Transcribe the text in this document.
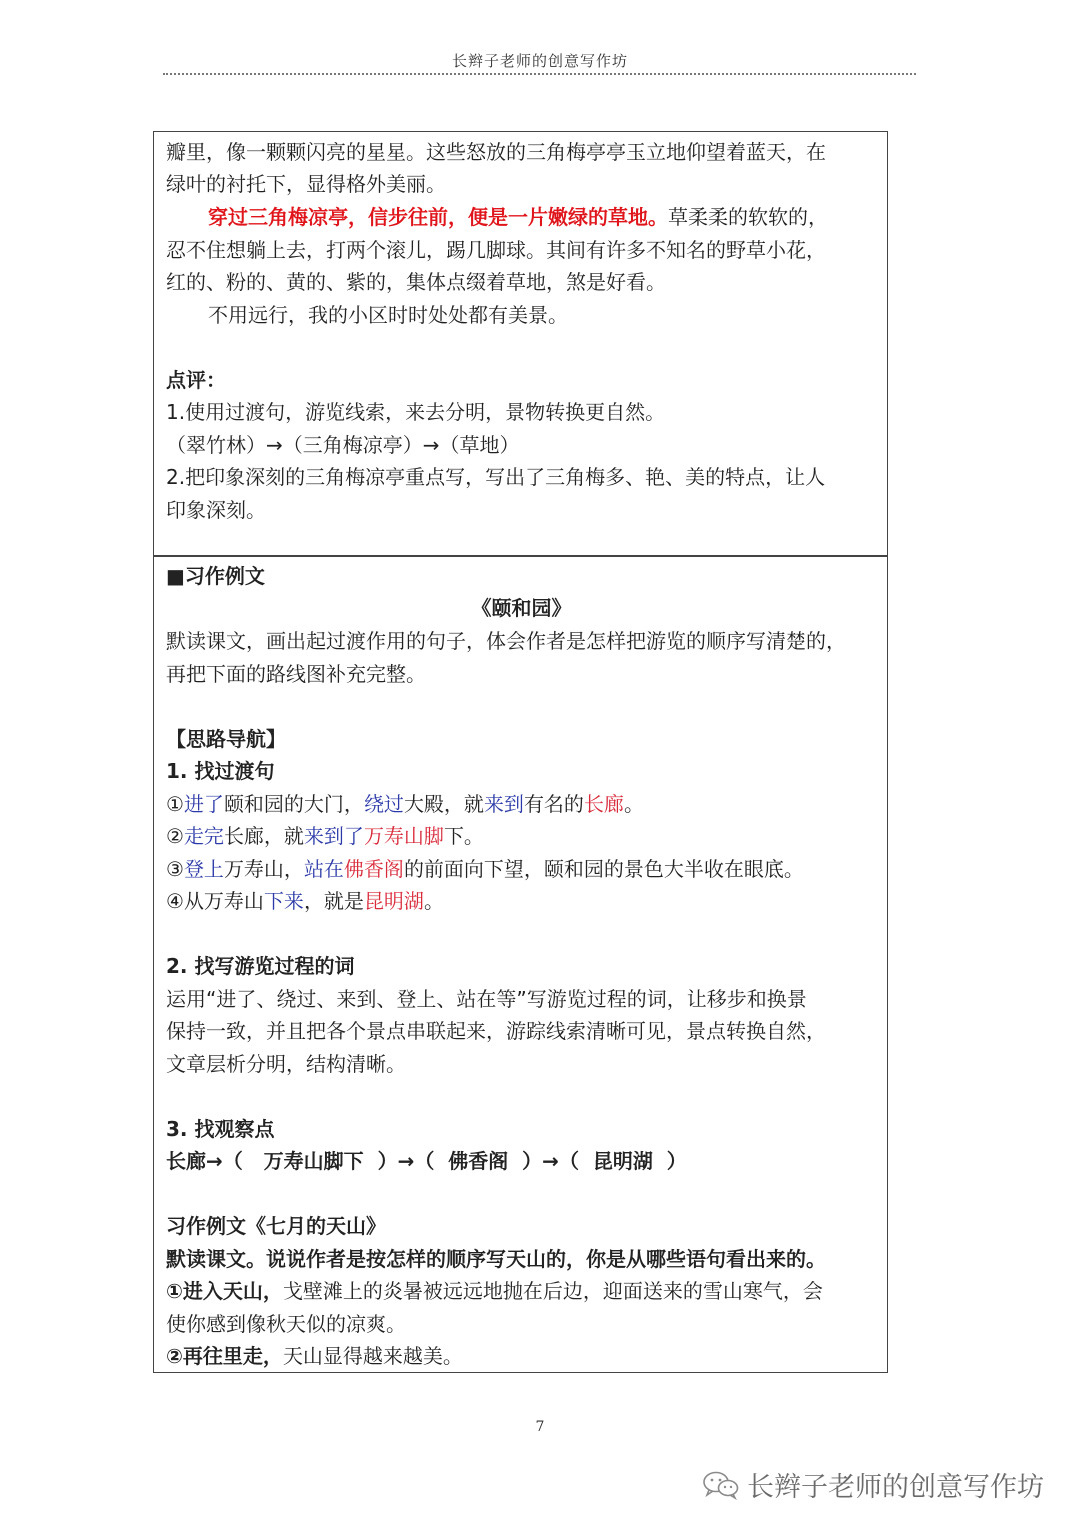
长辫子老师的创意写作坊
瓣里，像一颗颗闪亮的星星。这些怒放的三角梅亭亭玉立地仰望着蓝天，在
绿叶的衬托下，显得格外美丽。
穿过三角梅凉亭，信步往前，便是一片嫩绿的草地。草柔柔的软软的，
忍不住想躺上去，打两个滚儿，踢几脚球。其间有许多不知名的野草小花，
红的、粉的、黄的、紫的，集体点缀着草地，煞是好看。
不用远行，我的小区时时处处都有美景。
点评：
1.使用过渡句，游览线索，来去分明，景物转换更自然。
（翠竹林）→（三角梅凉亭）→（草地）
2.把印象深刻的三角梅凉亭重点写，写出了三角梅多、艳、美的特点，让人
印象深刻。
■习作例文
《颐和园》
默读课文，画出起过渡作用的句子，体会作者是怎样把游览的顺序写清楚的，
再把下面的路线图补充完整。
【思路导航】
1. 找过渡句
①进了颐和园的大门，绕过大殿，就来到有名的长廊。
②走完长廊，就来到了万寿山脚下。
③登上万寿山，站在佛香阁的前面向下望，颐和园的景色大半收在眼底。
④从万寿山下来，就是昆明湖。
2. 找写游览过程的词
运用“进了、绕过、来到、登上、站在等”写游览过程的词，让移步和换景
保持一致，并且把各个景点串联起来，游踪线索清晰可见，景点转换自然，
文章层析分明，结构清晰。
3. 找观察点
长廊→（   万寿山脚下  ）→（  佛香阁  ）→（  昆明湖  ）
习作例文《七月的天山》
默读课文。说说作者是按怎样的顺序写天山的，你是从哪些语句看出来的。
①进入天山，戈壁滩上的炎暑被远远地抛在后边，迎面送来的雪山寒气，会
使你感到像秋天似的凉爽。
②再往里走，天山显得越来越美。
7
长辫子老师的创意写作坊
